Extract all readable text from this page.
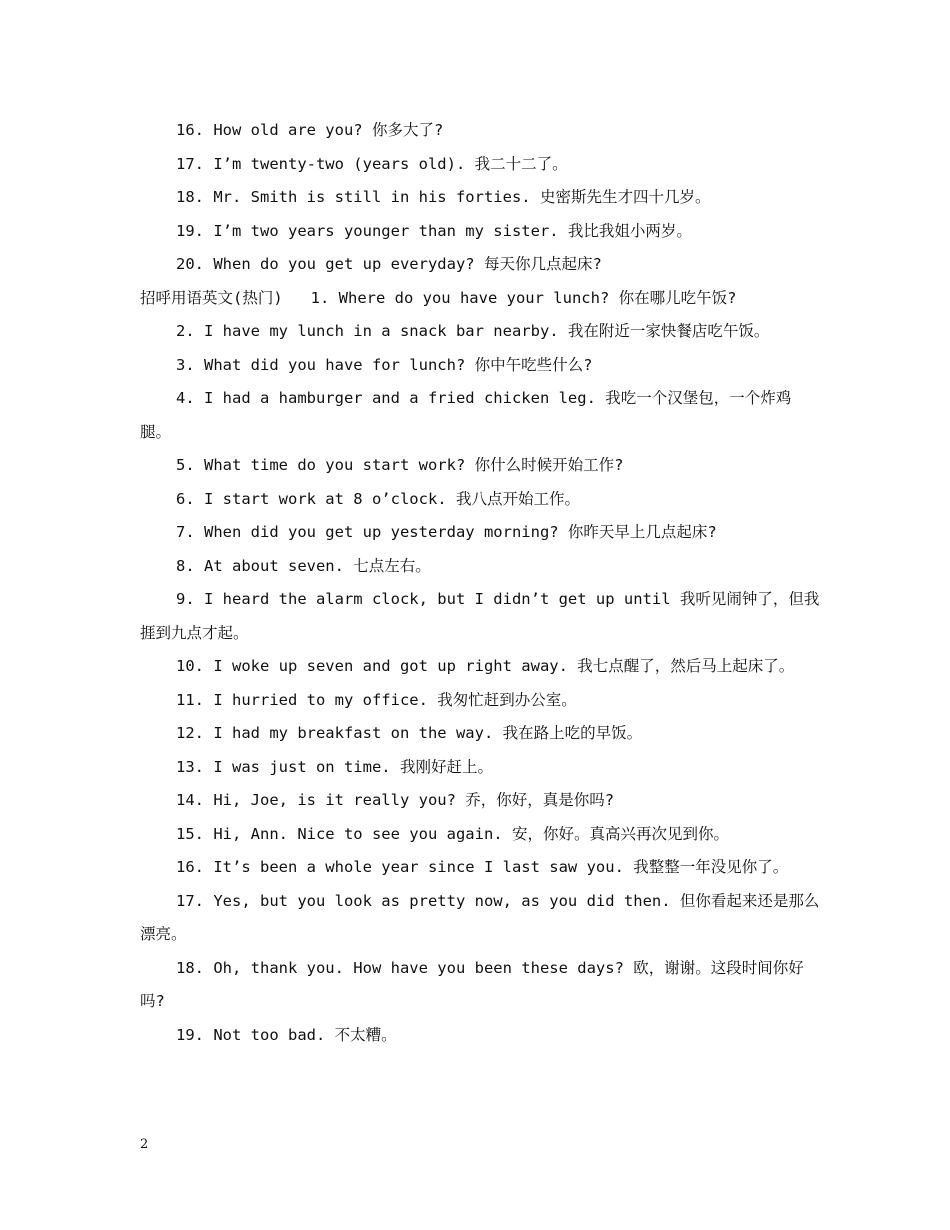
16. How old are you? 你多大了?
17. I’m twenty-two (years old). 我二十二了。
18. Mr. Smith is still in his forties. 史密斯先生才四十几岁。
19. I’m two years younger than my sister. 我比我姐小两岁。
20. When do you get up everyday? 每天你几点起床?
招呼用语英文(热门)   1. Where do you have your lunch? 你在哪儿吃午饭?
2. I have my lunch in a snack bar nearby. 我在附近一家快餐店吃午饭。
3. What did you have for lunch? 你中午吃些什么?
4. I had a hamburger and a fried chicken leg. 我吃一个汉堡包，一个炸鸡腿。
5. What time do you start work? 你什么时候开始工作?
6. I start work at 8 o’clock. 我八点开始工作。
7. When did you get up yesterday morning? 你昨天早上几点起床?
8. At about seven. 七点左右。
9. I heard the alarm clock, but I didn’t get up until 我听见闹钟了，但我捱到九点才起。
10. I woke up seven and got up right away. 我七点醒了，然后马上起床了。
11. I hurried to my office. 我匆忙赶到办公室。
12. I had my breakfast on the way. 我在路上吃的早饭。
13. I was just on time. 我刚好赶上。
14. Hi, Joe, is it really you? 乔，你好，真是你吗?
15. Hi, Ann. Nice to see you again. 安，你好。真高兴再次见到你。
16. It’s been a whole year since I last saw you. 我整整一年没见你了。
17. Yes, but you look as pretty now, as you did then. 但你看起来还是那么漂亮。
18. Oh, thank you. How have you been these days? 欧，谢谢。这段时间你好吗?
19. Not too bad. 不太糟。
2
